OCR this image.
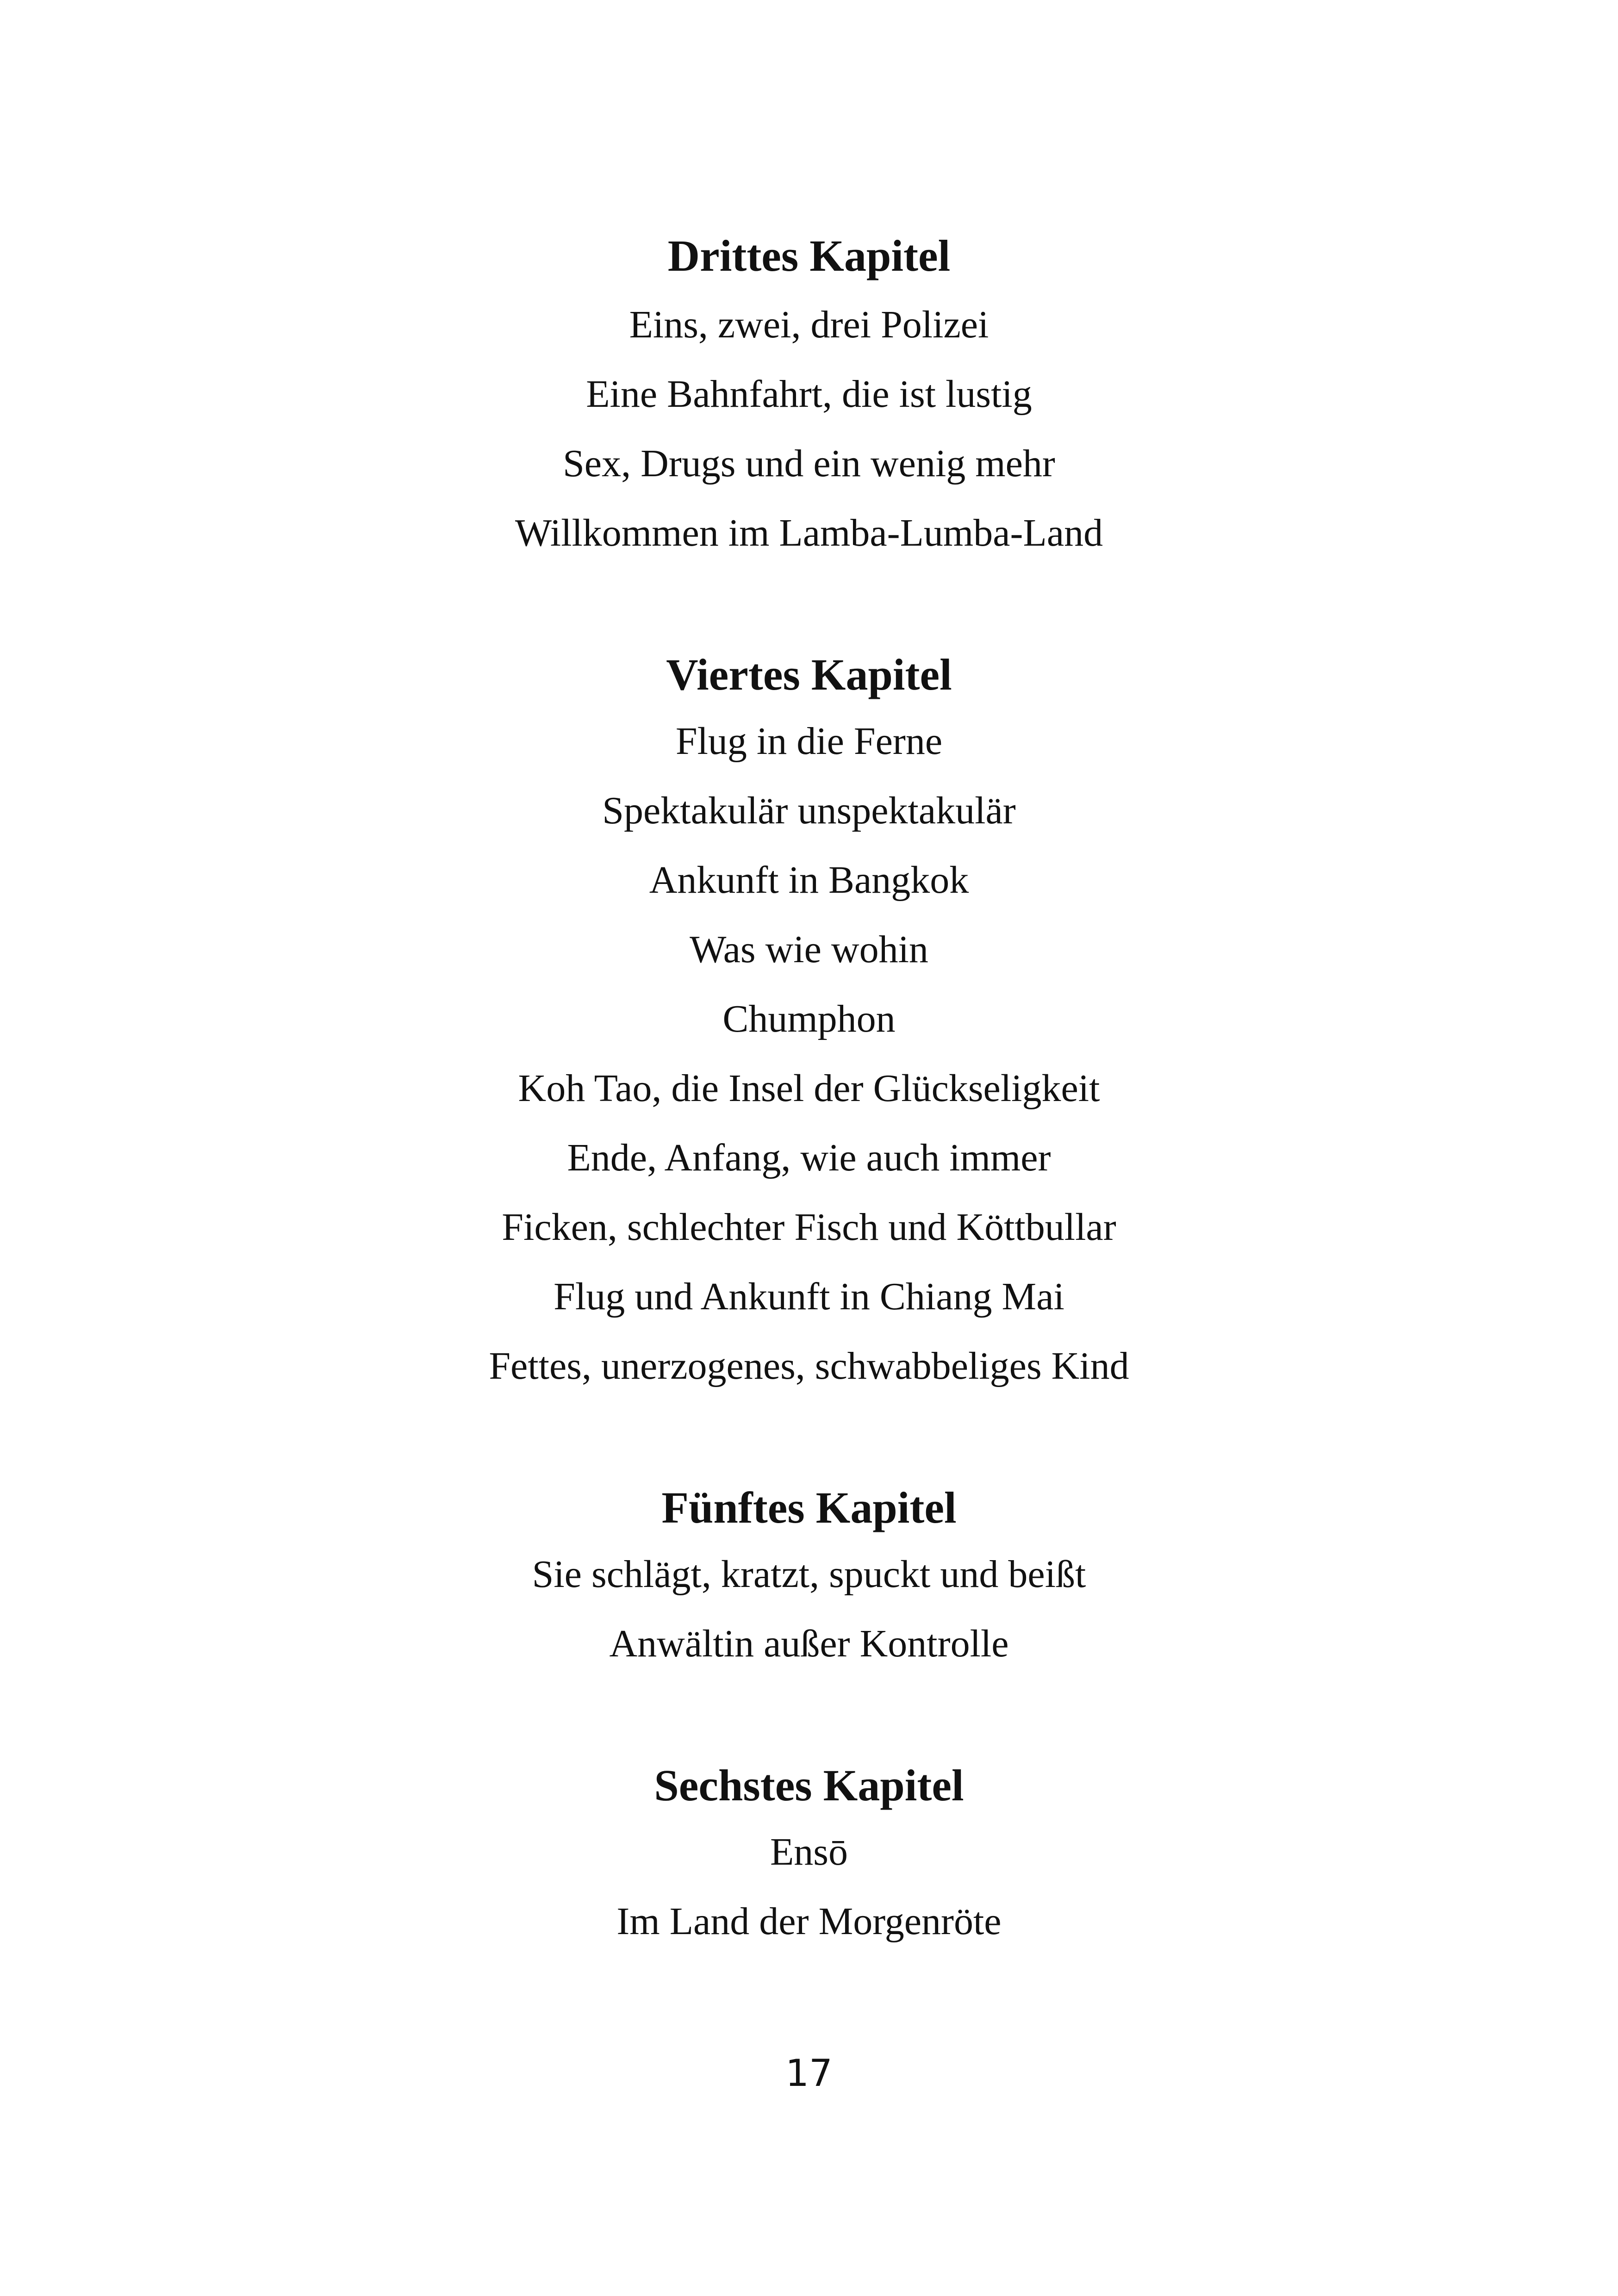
Drittes Kapitel
Eins, zwei, drei Polizei
Eine Bahnfahrt, die ist lustig
Sex, Drugs und ein wenig mehr
Willkommen im Lamba-Lumba-Land
Viertes Kapitel
Flug in die Ferne
Spektakulär unspektakulär
Ankunft in Bangkok
Was wie wohin
Chumphon
Koh Tao, die Insel der Glückseligkeit
Ende, Anfang, wie auch immer
Ficken, schlechter Fisch und Köttbullar
Flug und Ankunft in Chiang Mai
Fettes, unerzogenes, schwabbeliges Kind
Fünftes Kapitel
Sie schlägt, kratzt, spuckt und beißt
Anwältin außer Kontrolle
Sechstes Kapitel
Ensō
Im Land der Morgenröte
17
